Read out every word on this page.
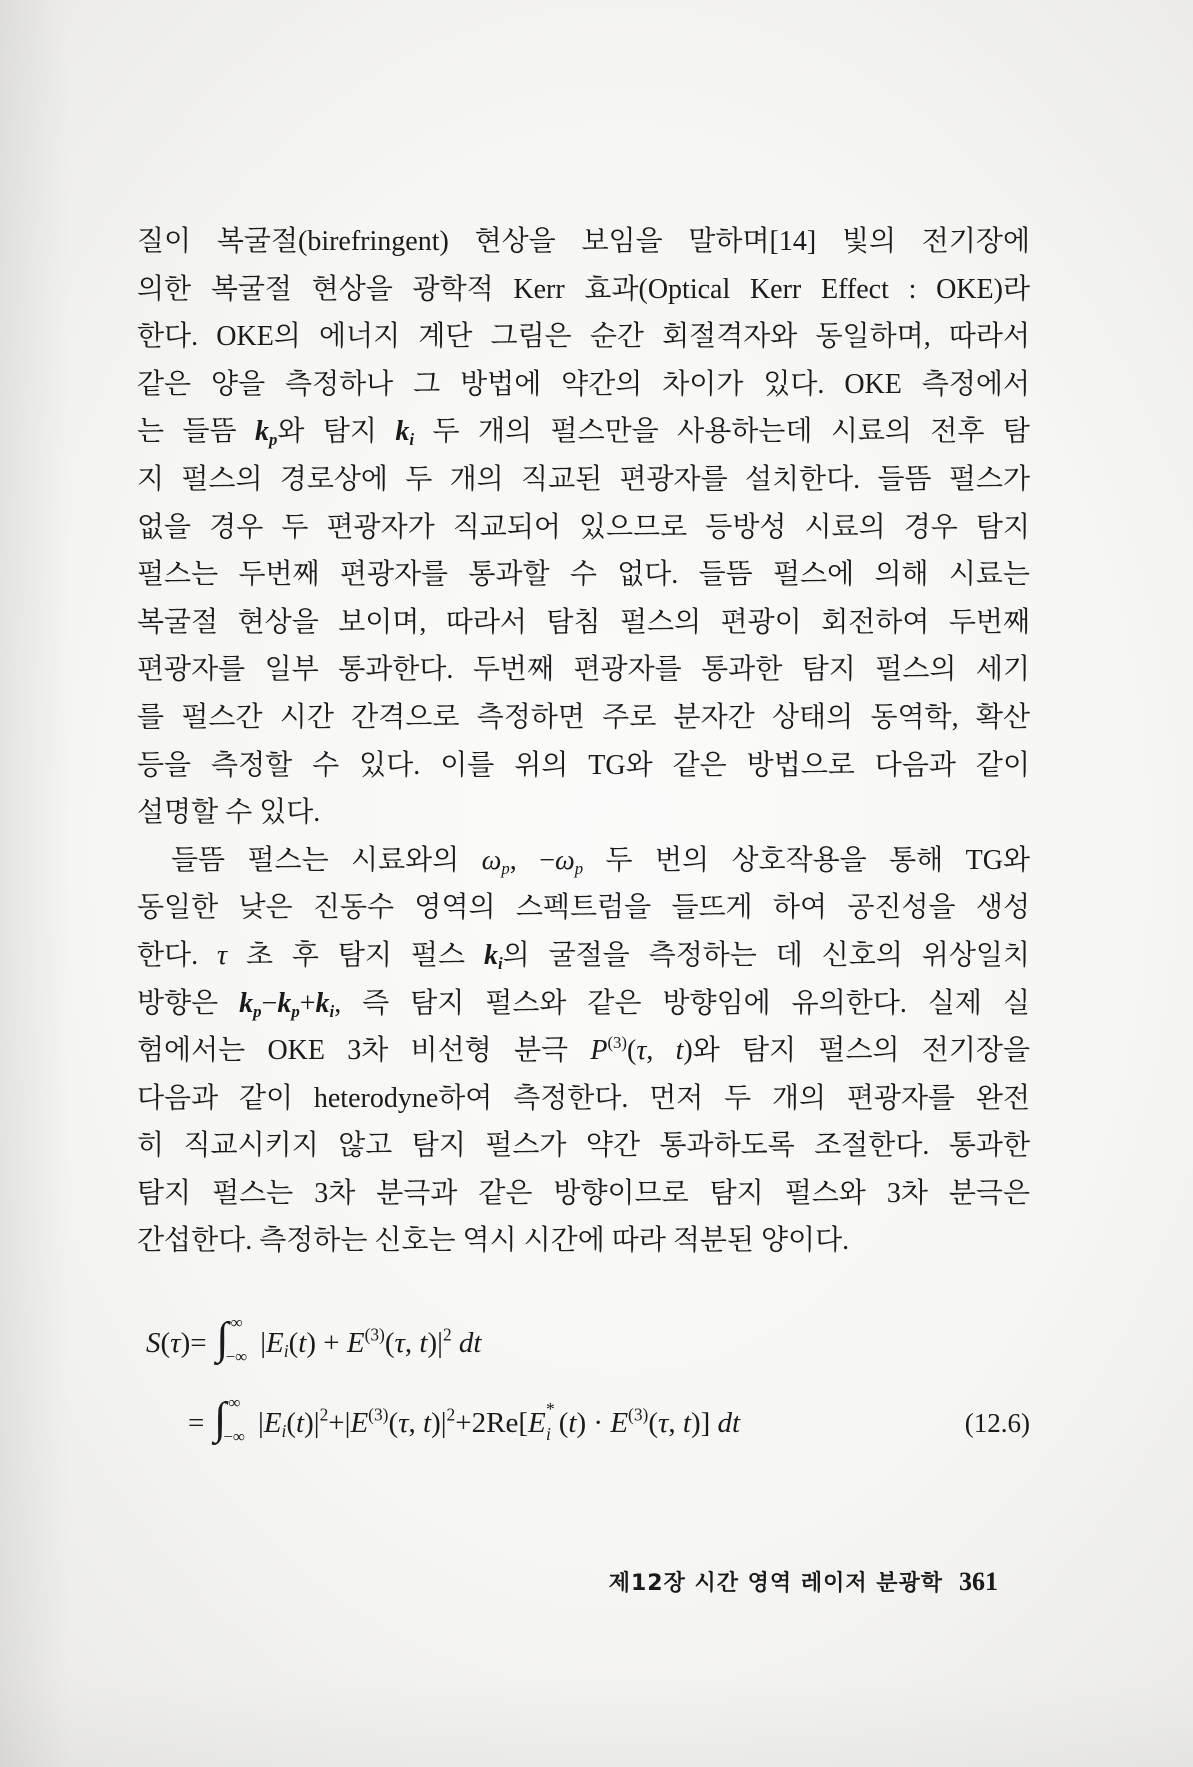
질이 복굴절(birefringent) 현상을 보임을 말하며[14] 빛의 전기장에
의한 복굴절 현상을 광학적 Kerr 효과(Optical Kerr Effect : OKE)라
한다. OKE의 에너지 계단 그림은 순간 회절격자와 동일하며, 따라서
같은 양을 측정하나 그 방법에 약간의 차이가 있다. OKE 측정에서
는 들뜸 kp와 탐지 ki 두 개의 펄스만을 사용하는데 시료의 전후 탐
지 펄스의 경로상에 두 개의 직교된 편광자를 설치한다. 들뜸 펄스가
없을 경우 두 편광자가 직교되어 있으므로 등방성 시료의 경우 탐지
펄스는 두번째 편광자를 통과할 수 없다. 들뜸 펄스에 의해 시료는
복굴절 현상을 보이며, 따라서 탐침 펄스의 편광이 회전하여 두번째
편광자를 일부 통과한다. 두번째 편광자를 통과한 탐지 펄스의 세기
를 펄스간 시간 간격으로 측정하면 주로 분자간 상태의 동역학, 확산
등을 측정할 수 있다. 이를 위의 TG와 같은 방법으로 다음과 같이
설명할 수 있다.
들뜸 펄스는 시료와의 ωp, −ωp 두 번의 상호작용을 통해 TG와
동일한 낮은 진동수 영역의 스펙트럼을 들뜨게 하여 공진성을 생성
한다. τ 초 후 탐지 펄스 ki의 굴절을 측정하는 데 신호의 위상일치
방향은 kp−kp+ki, 즉 탐지 펄스와 같은 방향임에 유의한다. 실제 실
험에서는 OKE 3차 비선형 분극 $P^{(3)}(\tau$, t)와 탐지 펄스의 전기장을
다음과 같이 heterodyne하여 측정한다. 먼저 두 개의 편광자를 완전
히 직교시키지 않고 탐지 펄스가 약간 통과하도록 조절한다. 통과한
탐지 펄스는 3차 분극과 같은 방향이므로 탐지 펄스와 3차 분극은
간섭한다. 측정하는 신호는 역시 시간에 따라 적분된 양이다.
S(τ)= ∫ ∞
−∞ $|Ei(t) + E^{(3)}(\tau$, $t)|^2$ dt
= ∫ ∞
−∞ $|Ei(t)|^2+|E^{(3)}(\tau$, $t)|^2+2Re[E$ *
i $(t) \cdot E^{(3)}(\tau$, t)] dt	(12.6)
제12장 시간 영역 레이저 분광학 361
